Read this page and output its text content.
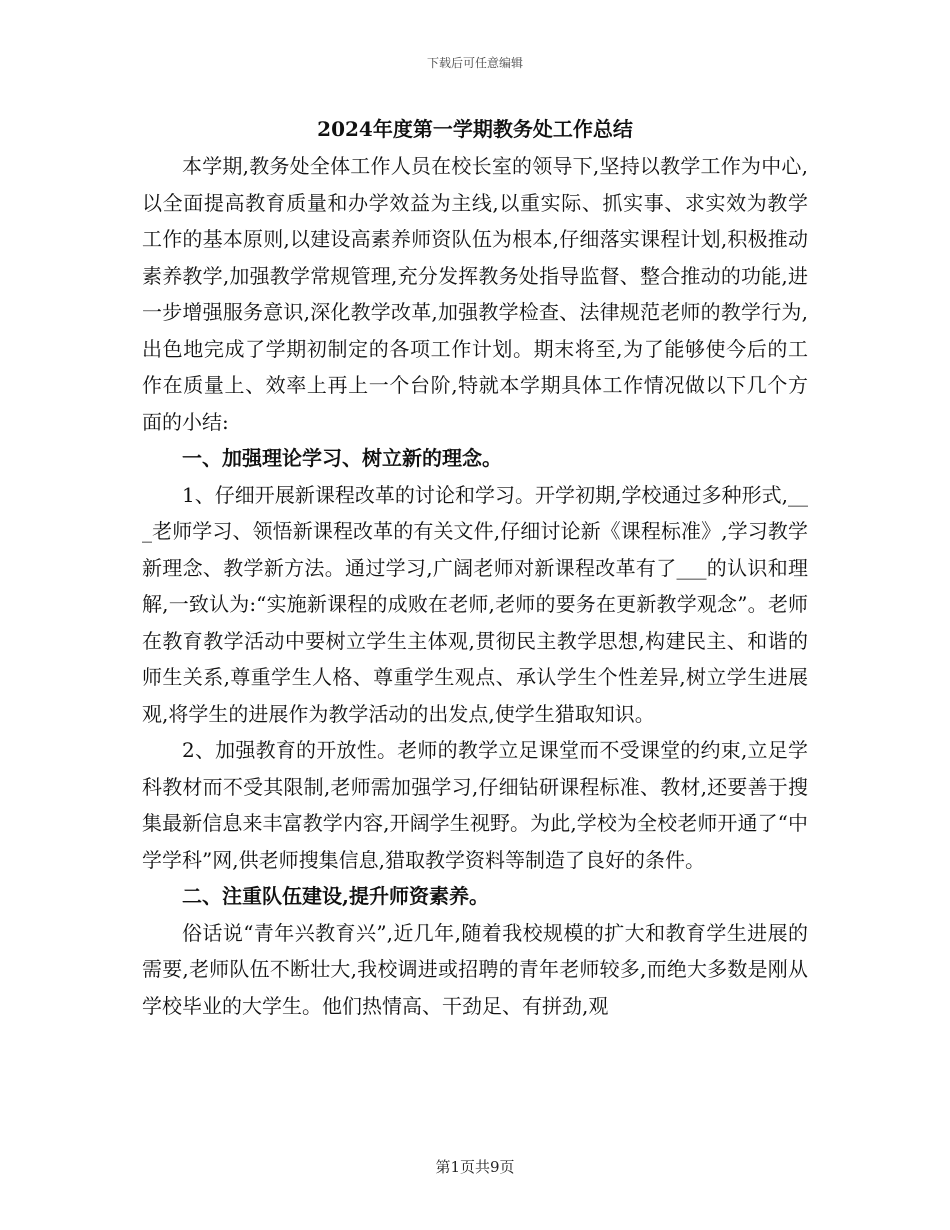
下载后可任意编辑
2024年度第一学期教务处工作总结

本学期,教务处全体工作人员在校长室的领导下,坚持以教学工作为中心,以全面提高教育质量和办学效益为主线,以重实际、抓实事、求实效为教学工作的基本原则,以建设高素养师资队伍为根本,仔细落实课程计划,积极推动素养教学,加强教学常规管理,充分发挥教务处指导监督、整合推动的功能,进一步增强服务意识,深化教学改革,加强教学检查、法律规范老师的教学行为,出色地完成了学期初制定的各项工作计划。期末将至,为了能够使今后的工作在质量上、效率上再上一个台阶,特就本学期具体工作情况做以下几个方面的小结:

一、加强理论学习、树立新的理念。

1、仔细开展新课程改革的讨论和学习。开学初期,学校通过多种形式,___老师学习、领悟新课程改革的有关文件,仔细讨论新《课程标准》,学习教学新理念、教学新方法。通过学习,广阔老师对新课程改革有了___的认识和理解,一致认为:“实施新课程的成败在老师,老师的要务在更新教学观念”。老师在教育教学活动中要树立学生主体观,贯彻民主教学思想,构建民主、和谐的师生关系,尊重学生人格、尊重学生观点、承认学生个性差异,树立学生进展观,将学生的进展作为教学活动的出发点,使学生猎取知识。

2、加强教育的开放性。老师的教学立足课堂而不受课堂的约束,立足学科教材而不受其限制,老师需加强学习,仔细钻研课程标准、教材,还要善于搜集最新信息来丰富教学内容,开阔学生视野。为此,学校为全校老师开通了“中学学科”网,供老师搜集信息,猎取教学资料等制造了良好的条件。

二、注重队伍建设,提升师资素养。

俗话说“青年兴教育兴”,近几年,随着我校规模的扩大和教育学生进展的需要,老师队伍不断壮大,我校调进或招聘的青年老师较多,而绝大多数是刚从学校毕业的大学生。他们热情高、干劲足、有拼劲,观

第1页共9页
